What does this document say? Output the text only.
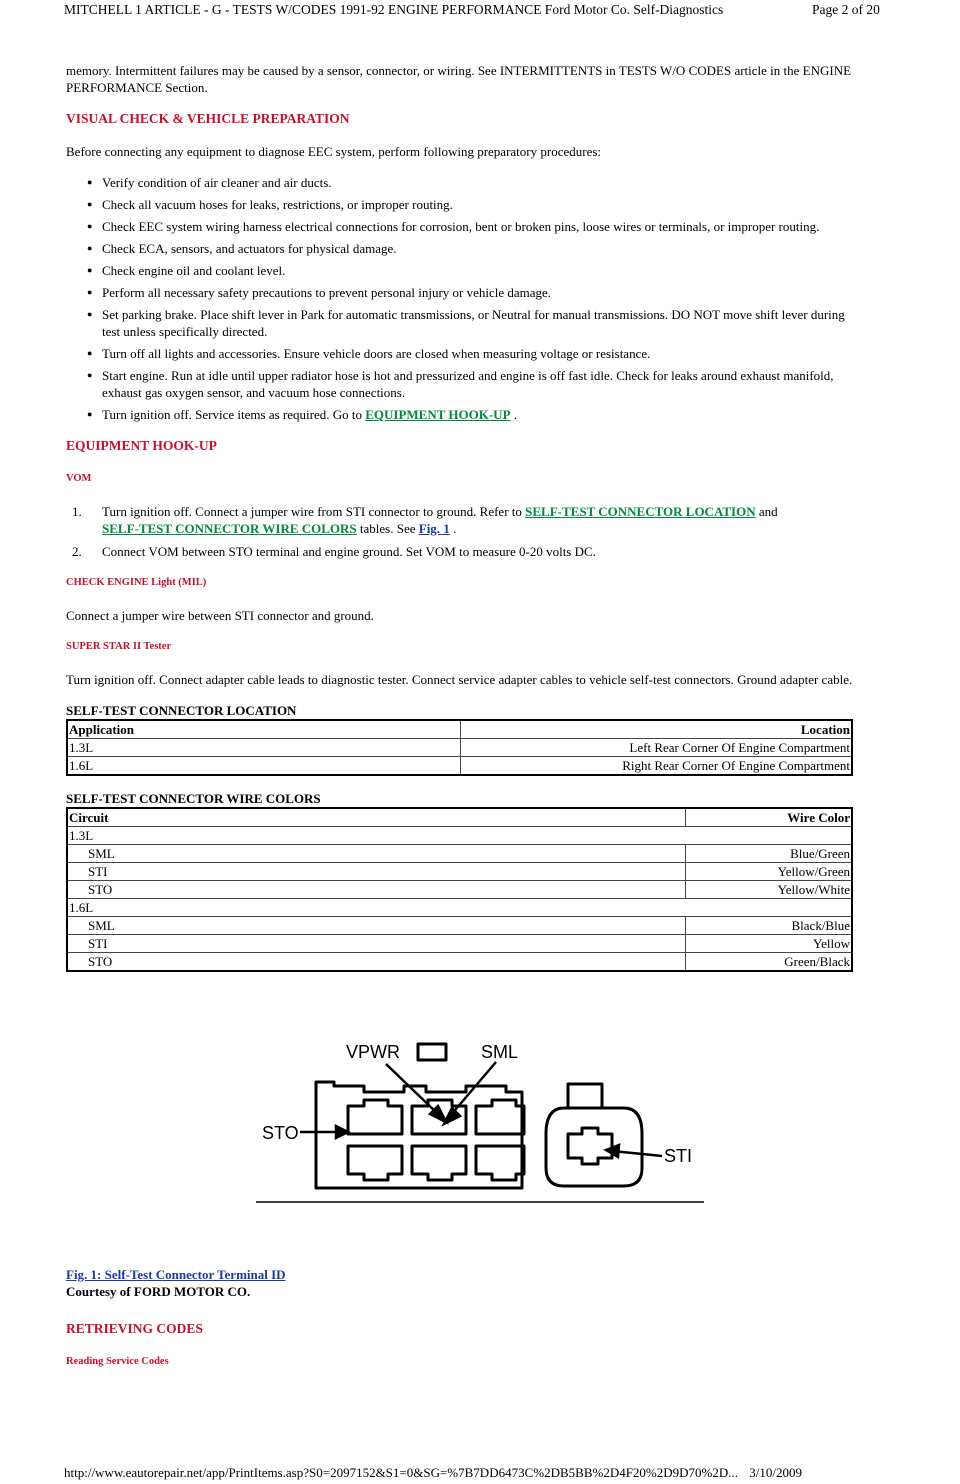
MITCHELL 1 ARTICLE - G - TESTS W/CODES 1991-92 ENGINE PERFORMANCE Ford Motor Co. Self-Diagnostics	Page 2 of 20

memory. Intermittent failures may be caused by a sensor, connector, or wiring. See INTERMITTENTS in TESTS W/O CODES article in the ENGINE PERFORMANCE Section.

VISUAL CHECK & VEHICLE PREPARATION

Before connecting any equipment to diagnose EEC system, perform following preparatory procedures:

● Verify condition of air cleaner and air ducts.
● Check all vacuum hoses for leaks, restrictions, or improper routing.
● Check EEC system wiring harness electrical connections for corrosion, bent or broken pins, loose wires or terminals, or improper routing.
● Check ECA, sensors, and actuators for physical damage.
● Check engine oil and coolant level.
● Perform all necessary safety precautions to prevent personal injury or vehicle damage.
● Set parking brake. Place shift lever in Park for automatic transmissions, or Neutral for manual transmissions. DO NOT move shift lever during test unless specifically directed.
● Turn off all lights and accessories. Ensure vehicle doors are closed when measuring voltage or resistance.
● Start engine. Run at idle until upper radiator hose is hot and pressurized and engine is off fast idle. Check for leaks around exhaust manifold, exhaust gas oxygen sensor, and vacuum hose connections.
● Turn ignition off. Service items as required. Go to EQUIPMENT HOOK-UP .
EQUIPMENT HOOK-UP
VOM
1. Turn ignition off. Connect a jumper wire from STI connector to ground. Refer to SELF-TEST CONNECTOR LOCATION and
SELF-TEST CONNECTOR WIRE COLORS tables. See Fig. 1 .
2. Connect VOM between STO terminal and engine ground. Set VOM to measure 0-20 volts DC.
CHECK ENGINE Light (MIL)

Connect a jumper wire between STI connector and ground.

SUPER STAR II Tester

Turn ignition off. Connect adapter cable leads to diagnostic tester. Connect service adapter cables to vehicle self-test connectors. Ground adapter cable.

SELF-TEST CONNECTOR LOCATION
Application	Location
1.3L	Left Rear Corner Of Engine Compartment
1.6L	Right Rear Corner Of Engine Compartment
SELF-TEST CONNECTOR WIRE COLORS
Circuit	Wire Color
1.3L	
SML	Blue/Green
STI	Yellow/Green
STO	Yellow/White
1.6L	
SML	Black/Blue
STI	Yellow
STO	Green/Black
VPWR	SML
STO
STI
Fig. 1: Self-Test Connector Terminal ID
Courtesy of FORD MOTOR CO.
RETRIEVING CODES
Reading Service Codes
http://www.eautorepair.net/app/PrintItems.asp?S0=2097152&S1=0&SG=%7B7DD6473C%2DB5BB%2D4F20%2D9D70%2D... 3/10/2009
